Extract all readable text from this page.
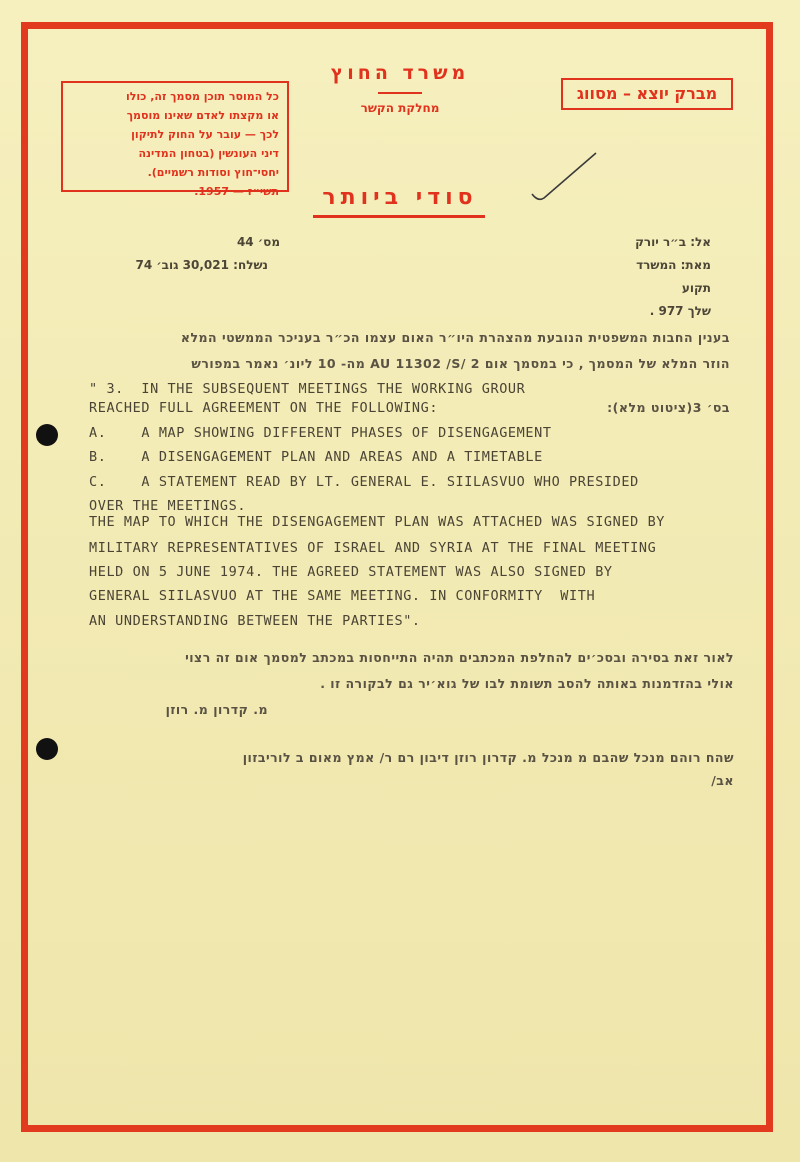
כל המוסר תוכן מסמך זה, כולו
או מקצתו לאדם שאינו מוסמך
לכך — עובר על החוק לתיקון
דיני העונשין (בטחון המדינה
יחסי־חוץ וסודות רשמיים).
תשי״ז — 1957.
משרד החוץ
מחלקת הקשר
מברק יוצא – מסווג
סודי ביותר
מס׳ 44
נשלח: 30,021 גוב׳ 74
אל: ב״ר יורק
מאת: המשרד
תקוע
שלך 977 .
בענין החבות המשפטית הנובעת מהצהרת היו״ר האום עצמו הכ״ר בעניכר הממשטי המלא
הוזר המלא של המסמך , כי במסמך אום 2 /AU 11302 /S מה- 10 ליונ׳ נאמר במפורש
" 3.  IN THE SUBSEQUENT MEETINGS THE WORKING GROUR
בס׳ 3(ציטוט מלא):
REACHED FULL AGREEMENT ON THE FOLLOWING:
A.    A MAP SHOWING DIFFERENT PHASES OF DISENGAGEMENT
B.    A DISENGAGEMENT PLAN AND AREAS AND A TIMETABLE
C.    A STATEMENT READ BY LT. GENERAL E. SIILASVUO WHO PRESIDED
OVER THE MEETINGS.
THE MAP TO WHICH THE DISENGAGEMENT PLAN WAS ATTACHED WAS SIGNED BY
MILITARY REPRESENTATIVES OF ISRAEL AND SYRIA AT THE FINAL MEETING
HELD ON 5 JUNE 1974. THE AGREED STATEMENT WAS ALSO SIGNED BY
GENERAL SIILASVUO AT THE SAME MEETING. IN CONFORMITY  WITH
AN UNDERSTANDING BETWEEN THE PARTIES".
לאור זאת בסירה ובסכ׳ים להחלפת המכתבים תהיה התייחסות במכתב למסמך אום זה רצוי
אולי בהזדמנות באותה להסב תשומת לבו של גוא׳יר גם לבקורה זו .
מ. קדרון מ. רוזן
שהח רוהם מנכל שהבם מ מנכל מ. קדרון רוזן דיבון רם ר/ אמץ מאום ב לוריבזון
אב/
